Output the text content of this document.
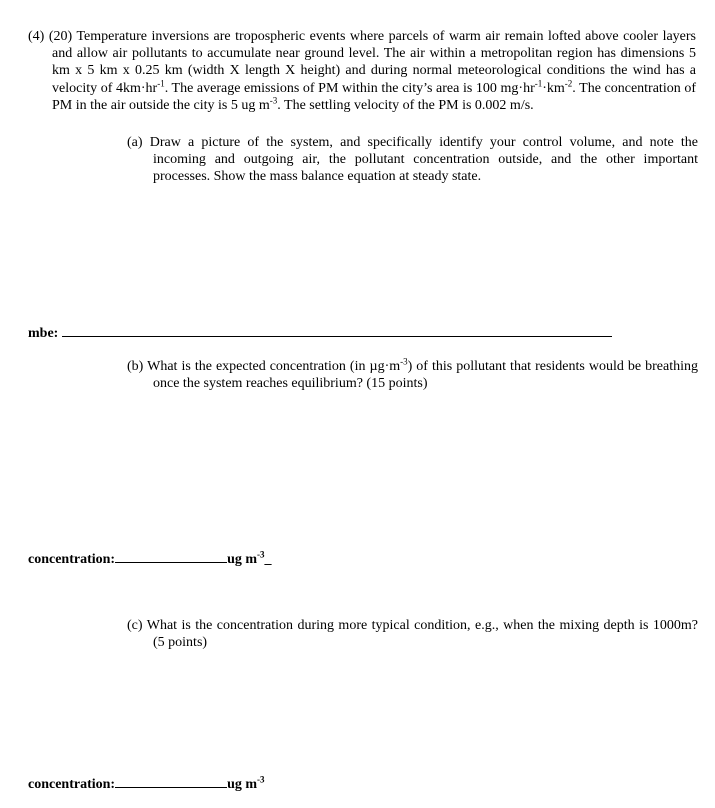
(4) (20) Temperature inversions are tropospheric events where parcels of warm air remain lofted above cooler layers and allow air pollutants to accumulate near ground level. The air within a metropolitan region has dimensions 5 km x 5 km x 0.25 km (width X length X height) and during normal meteorological conditions the wind has a velocity of $4km\cdot hr^{-1}$. The average emissions of PM within the city’s area is 100 $mg\cdot hr^{-1}\cdot km^{-2}$. The concentration of PM in the air outside the city is 5 ug $m^{-3}$. The settling velocity of the PM is 0.002 m/s.
(a) Draw a picture of the system, and specifically identify your control volume, and note the incoming and outgoing air, the pollutant concentration outside, and the other important processes. Show the mass balance equation at steady state.
mbe:
(b) What is the expected concentration (in $\mu g\cdot m^{-3}$) of this pollutant that residents would be breathing once the system reaches equilibrium? (15 points)
concentration:	ug $m^{-3}\_$
(c) What is the concentration during more typical condition, e.g., when the mixing depth is 1000m? (5 points)
concentration:	ug $m^{-3}$
